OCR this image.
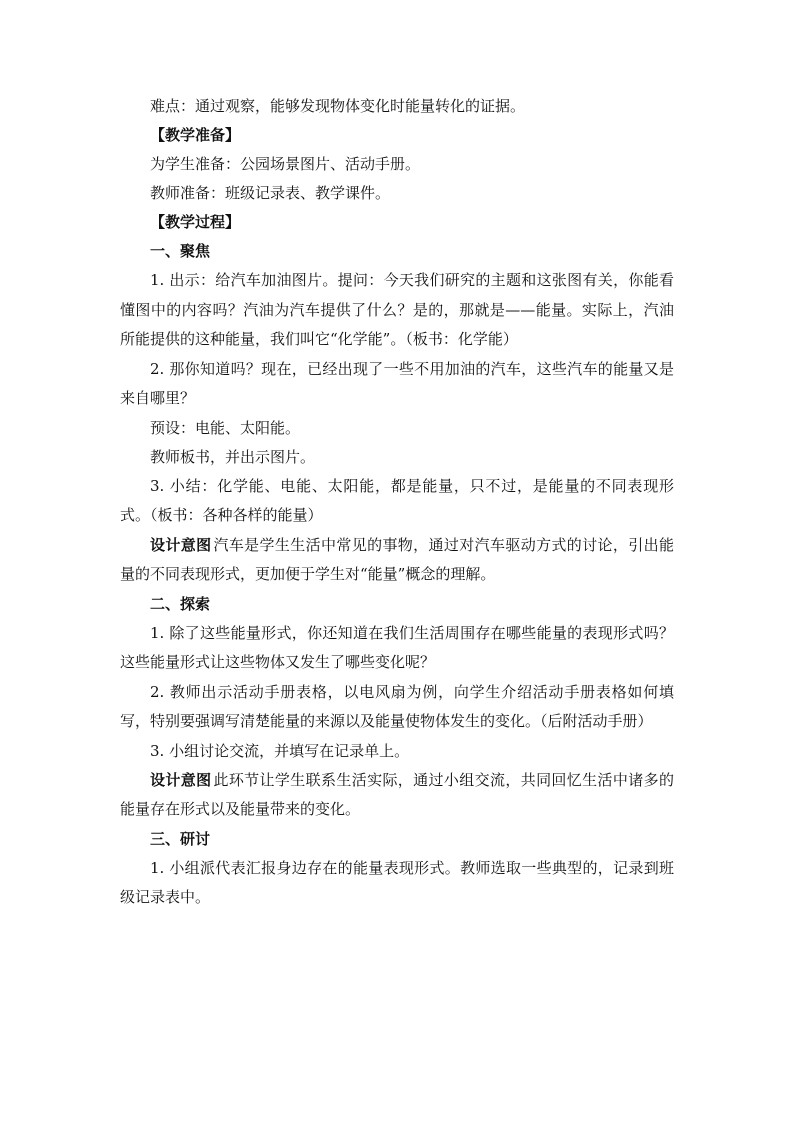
难点：通过观察，能够发现物体变化时能量转化的证据。

【教学准备】

为学生准备：公园场景图片、活动手册。

教师准备：班级记录表、教学课件。

【教学过程】

一、聚焦

1. 出示：给汽车加油图片。提问：今天我们研究的主题和这张图有关，你能看懂图中的内容吗？汽油为汽车提供了什么？是的，那就是——能量。实际上，汽油所能提供的这种能量，我们叫它“化学能”。（板书：化学能）

2. 那你知道吗？现在，已经出现了一些不用加油的汽车，这些汽车的能量又是来自哪里？

预设：电能、太阳能。

教师板书，并出示图片。

3. 小结：化学能、电能、太阳能，都是能量，只不过，是能量的不同表现形式。（板书：各种各样的能量）

设计意图 汽车是学生生活中常见的事物，通过对汽车驱动方式的讨论，引出能量的不同表现形式，更加便于学生对“能量”概念的理解。

二、探索

1. 除了这些能量形式，你还知道在我们生活周围存在哪些能量的表现形式吗？这些能量形式让这些物体又发生了哪些变化呢？

2. 教师出示活动手册表格，以电风扇为例，向学生介绍活动手册表格如何填写，特别要强调写清楚能量的来源以及能量使物体发生的变化。（后附活动手册）

3. 小组讨论交流，并填写在记录单上。

设计意图 此环节让学生联系生活实际，通过小组交流，共同回忆生活中诸多的能量存在形式以及能量带来的变化。

三、研讨

1. 小组派代表汇报身边存在的能量表现形式。教师选取一些典型的，记录到班级记录表中。
